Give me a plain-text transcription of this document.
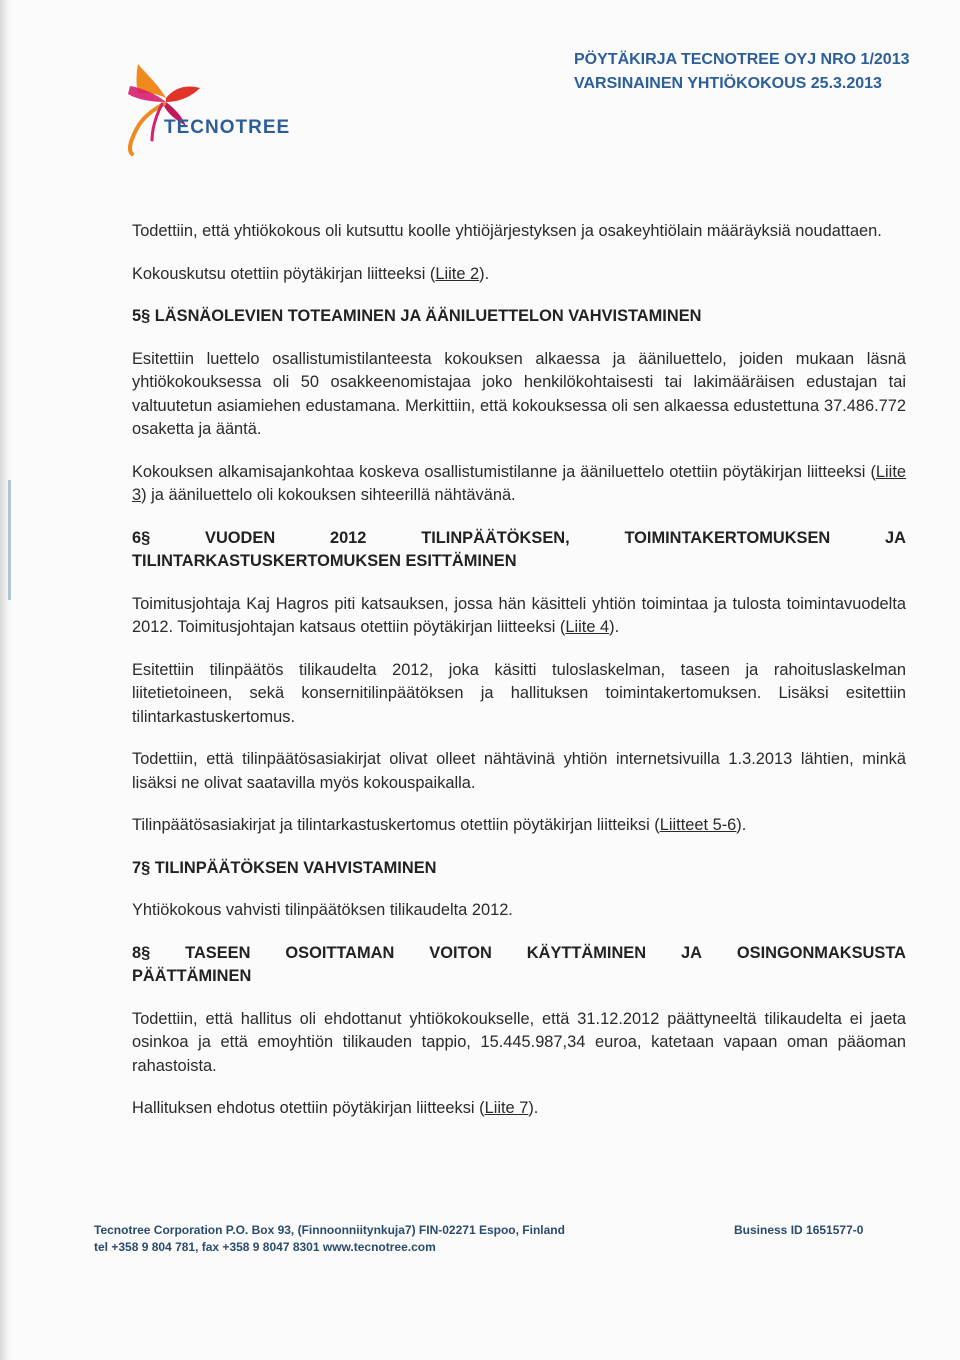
TECNOTREE
PÖYTÄKIRJA TECNOTREE OYJ NRO 1/2013
VARSINAINEN YHTIÖKOKOUS 25.3.2013

Todettiin, että yhtiökokous oli kutsuttu koolle yhtiöjärjestyksen ja osakeyhtiölain määräyksiä noudattaen.

Kokouskutsu otettiin pöytäkirjan liitteeksi (Liite 2).

5§ LÄSNÄOLEVIEN TOTEAMINEN JA ÄÄNILUETTELON VAHVISTAMINEN

Esitettiin luettelo osallistumistilanteesta kokouksen alkaessa ja ääniluettelo, joiden mukaan läsnä yhtiökokouksessa oli 50 osakkeenomistajaa joko henkilökohtaisesti tai lakimääräisen edustajan tai valtuutetun asiamiehen edustamana. Merkittiin, että kokouksessa oli sen alkaessa edustettuna 37.486.772 osaketta ja ääntä.

Kokouksen alkamisajankohtaa koskeva osallistumistilanne ja ääniluettelo otettiin pöytäkirjan liitteeksi (Liite 3) ja ääniluettelo oli kokouksen sihteerillä nähtävänä.

6§	VUODEN	2012	TILINPÄÄTÖKSEN,	TOIMINTAKERTOMUKSEN	JA
TILINTARKASTUSKERTOMUKSEN ESITTÄMINEN

Toimitusjohtaja Kaj Hagros piti katsauksen, jossa hän käsitteli yhtiön toimintaa ja tulosta toimintavuodelta 2012. Toimitusjohtajan katsaus otettiin pöytäkirjan liitteeksi (Liite 4).

Esitettiin tilinpäätös tilikaudelta 2012, joka käsitti tuloslaskelman, taseen ja rahoituslaskelman liitetietoineen, sekä konsernitilinpäätöksen ja hallituksen toimintakertomuksen. Lisäksi esitettiin tilintarkastuskertomus.

Todettiin, että tilinpäätösasiakirjat olivat olleet nähtävinä yhtiön internetsivuilla 1.3.2013 lähtien, minkä lisäksi ne olivat saatavilla myös kokouspaikalla.

Tilinpäätösasiakirjat ja tilintarkastuskertomus otettiin pöytäkirjan liitteiksi (Liitteet 5-6).

7§ TILINPÄÄTÖKSEN VAHVISTAMINEN

Yhtiökokous vahvisti tilinpäätöksen tilikaudelta 2012.

8§ TASEEN OSOITTAMAN VOITON KÄYTTÄMINEN JA OSINGONMAKSUSTA
PÄÄTTÄMINEN

Todettiin, että hallitus oli ehdottanut yhtiökokoukselle, että 31.12.2012 päättyneeltä tilikaudelta ei jaeta osinkoa ja että emoyhtiön tilikauden tappio, 15.445.987,34 euroa, katetaan vapaan oman pääoman rahastoista.

Hallituksen ehdotus otettiin pöytäkirjan liitteeksi (Liite 7).

Tecnotree Corporation P.O. Box 93, (Finnoonniitynkuja7) FIN-02271 Espoo, Finland
tel +358 9 804 781, fax +358 9 8047 8301 www.tecnotree.com
Business ID 1651577-0
